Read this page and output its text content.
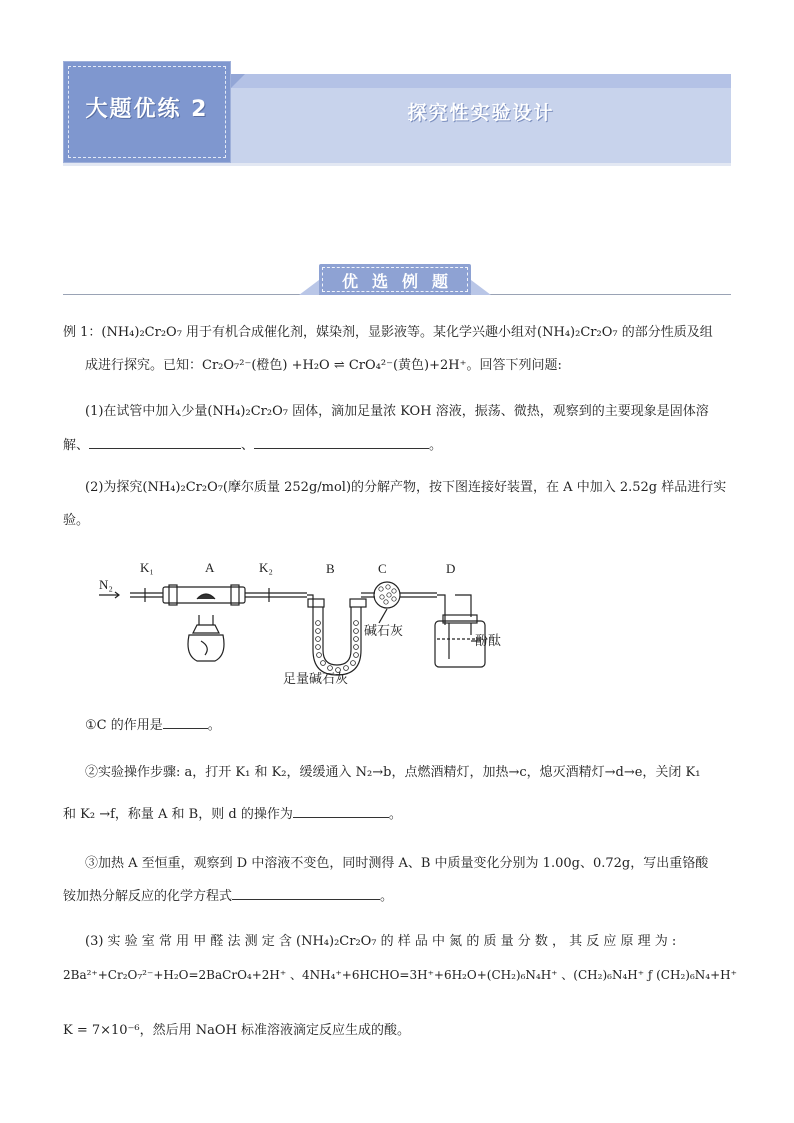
大题优练 2	探究性实验设计
优选例题
例 1：(NH₄)₂Cr₂O₇ 用于有机合成催化剂，媒染剂，显影液等。某化学兴趣小组对(NH₄)₂Cr₂O₇ 的部分性质及组
成进行探究。已知：Cr₂O₇²⁻(橙色) +H₂O ⇌ CrO₄²⁻(黄色)+2H⁺。回答下列问题:
(1)在试管中加入少量(NH₄)₂Cr₂O₇ 固体，滴加足量浓 KOH 溶液，振荡、微热，观察到的主要现象是固体溶
解、	、	。
(2)为探究(NH₄)₂Cr₂O₇(摩尔质量 252g/mol)的分解产物，按下图连接好装置，在 A 中加入 2.52g 样品进行实
验。
N₂
K₁	A	K₂	B	C	D
碱石灰
足量碱石灰
酚酞
①C 的作用是	。
②实验操作步骤: a，打开 K₁ 和 K₂，缓缓通入 N₂→b，点燃酒精灯，加热→c，熄灭酒精灯→d→e，关闭 K₁
和 K₂ →f，称量 A 和 B，则 d 的操作为	。
③加热 A 至恒重，观察到 D 中溶液不变色，同时测得 A、B 中质量变化分别为 1.00g、0.72g，写出重铬酸
铵加热分解反应的化学方程式	。
(3) 实 验 室 常 用 甲 醛 法 测 定 含 (NH₄)₂Cr₂O₇ 的 样 品 中 氮 的 质 量 分 数 ， 其 反 应 原 理 为 :
2Ba²⁺+Cr₂O₇²⁻+H₂O=2BaCrO₄+2H⁺ 、4NH₄⁺+6HCHO=3H⁺+6H₂O+(CH₂)₆N₄H⁺ 、(CH₂)₆N₄H⁺ ƒ (CH₂)₆N₄+H⁺
K = 7×10⁻⁶，然后用 NaOH 标准溶液滴定反应生成的酸。
